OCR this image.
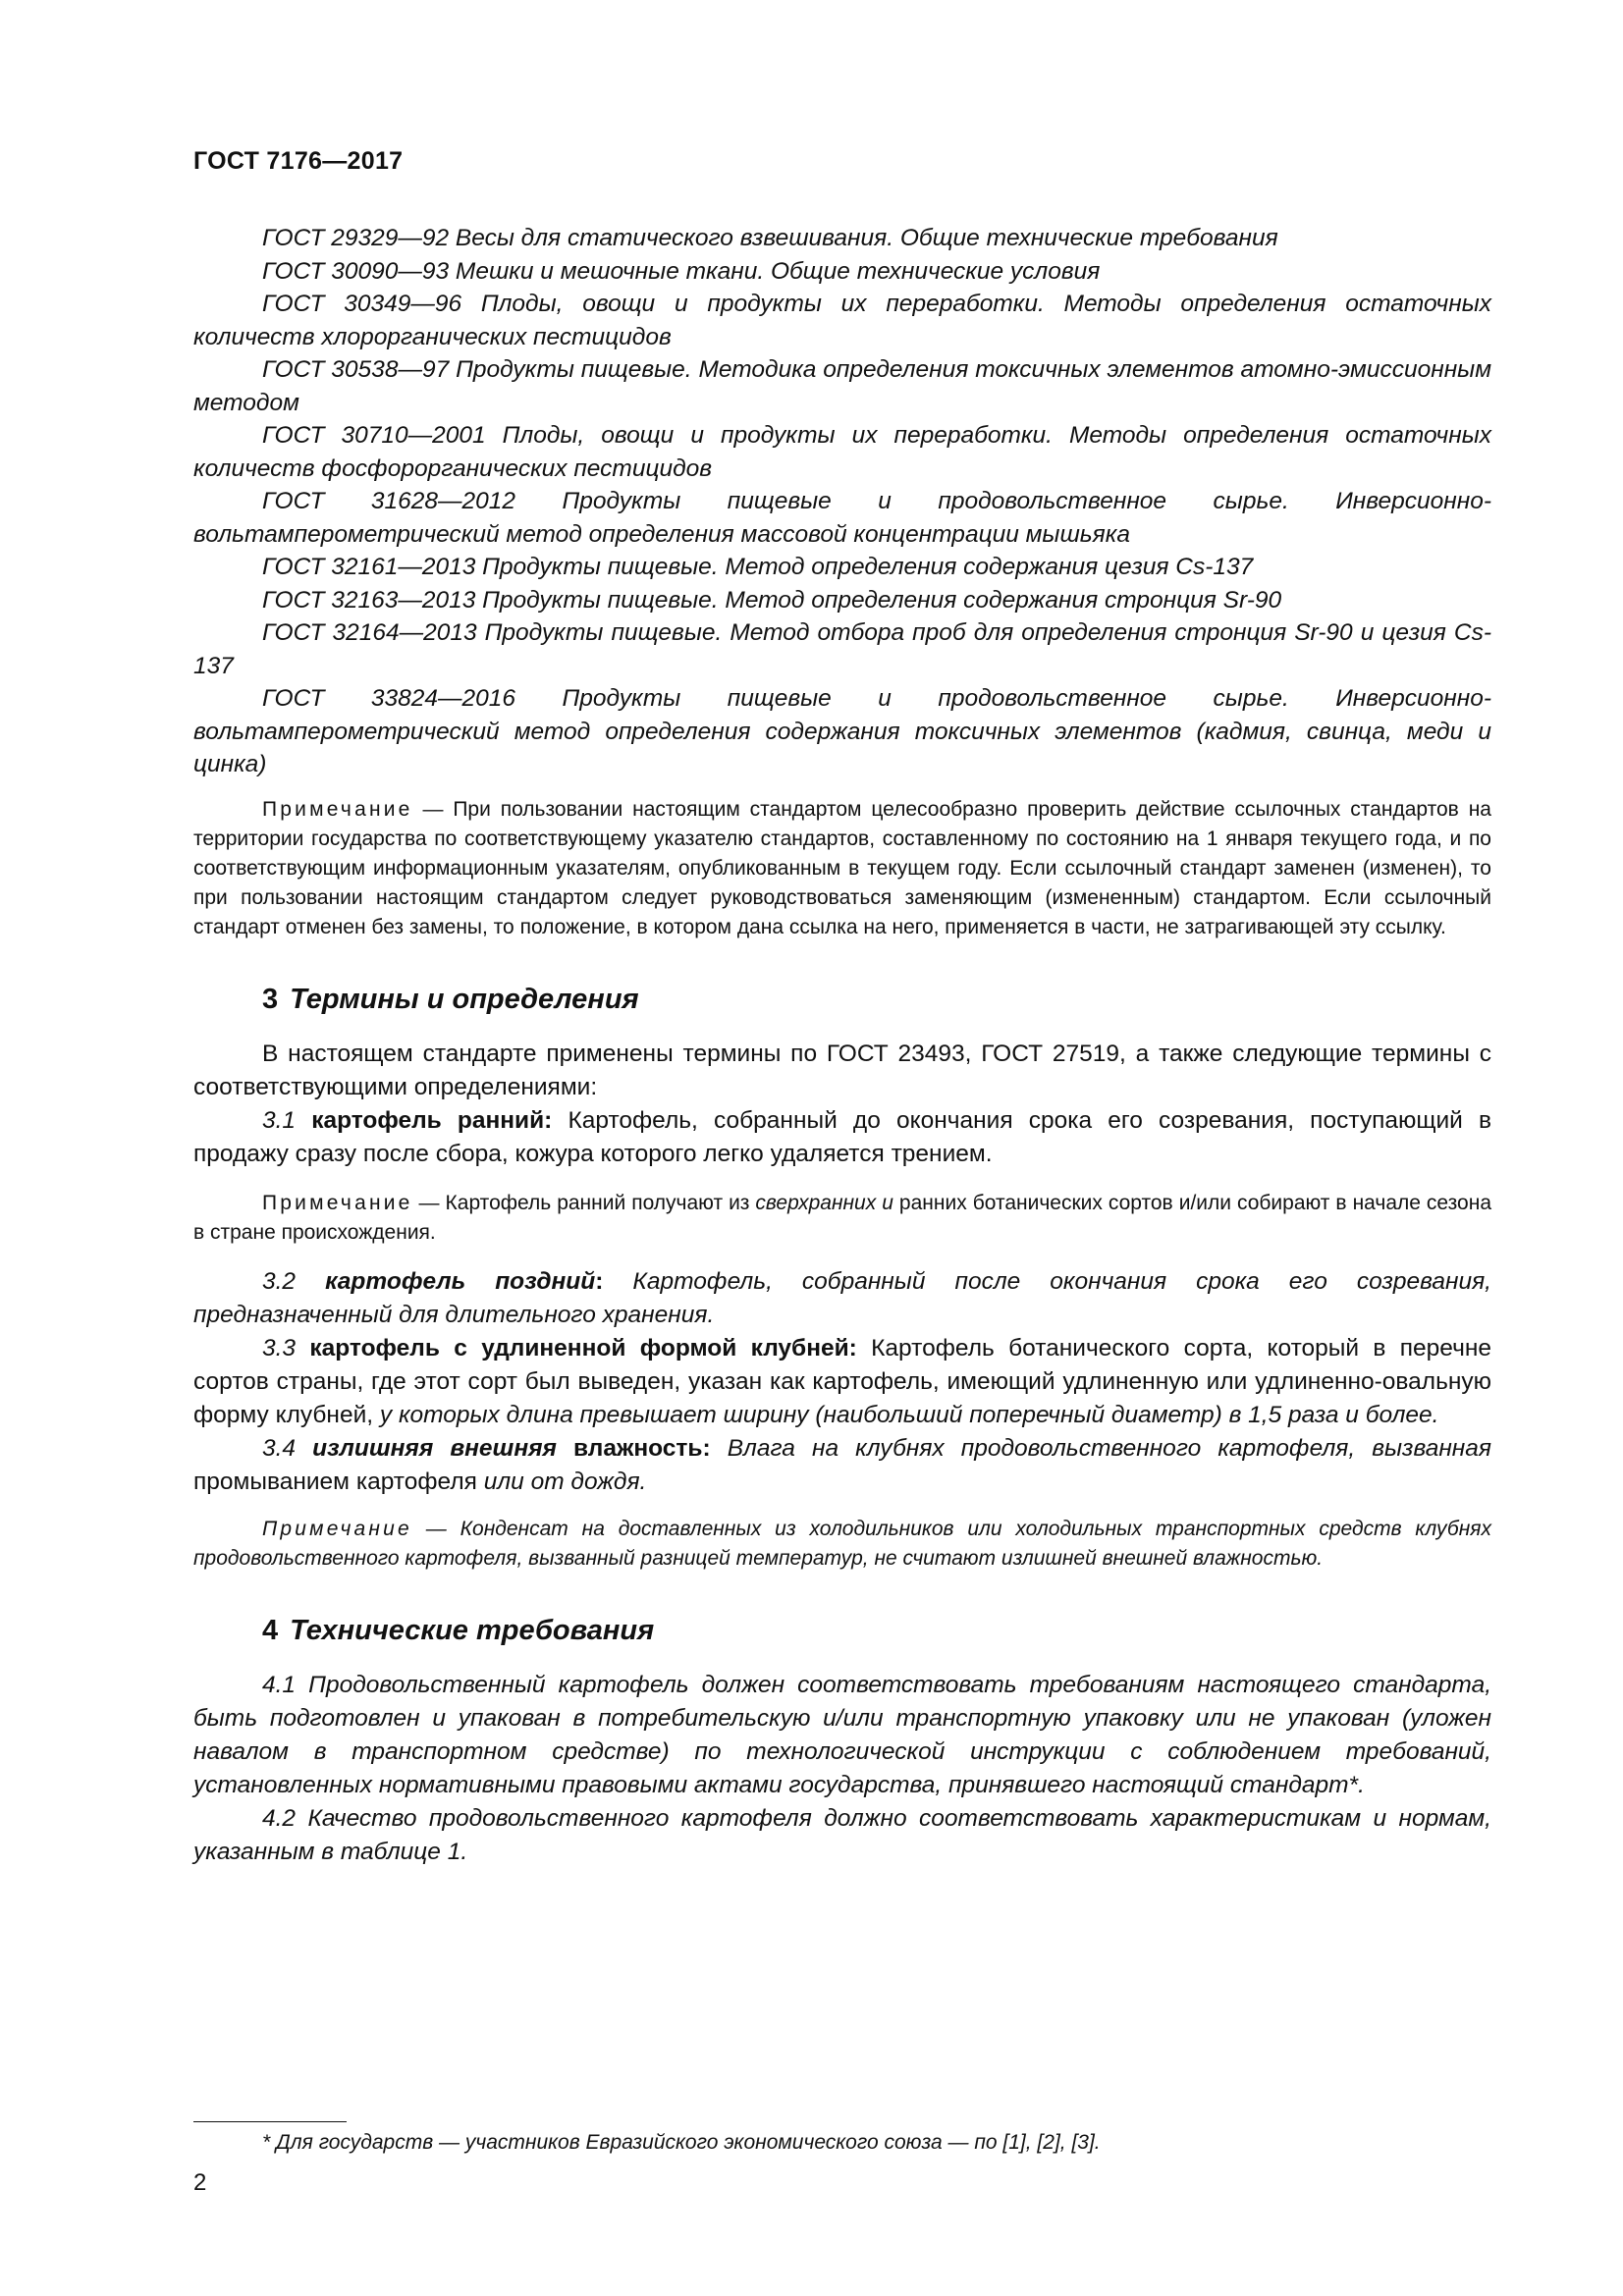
ГОСТ 7176—2017

ГОСТ 29329—92 Весы для статического взвешивания. Общие технические требования

ГОСТ 30090—93 Мешки и мешочные ткани. Общие технические условия

ГОСТ 30349—96 Плоды, овощи и продукты их переработки. Методы определения остаточных количеств хлорорганических пестицидов

ГОСТ 30538—97 Продукты пищевые. Методика определения токсичных элементов атомно-эмиссионным методом

ГОСТ 30710—2001 Плоды, овощи и продукты их переработки. Методы определения остаточных количеств фосфорорганических пестицидов

ГОСТ 31628—2012 Продукты пищевые и продовольственное сырье. Инверсионно-вольтамперометрический метод определения массовой концентрации мышьяка

ГОСТ 32161—2013 Продукты пищевые. Метод определения содержания цезия Cs-137

ГОСТ 32163—2013 Продукты пищевые. Метод определения содержания стронция Sr-90

ГОСТ 32164—2013 Продукты пищевые. Метод отбора проб для определения стронция Sr-90 и цезия Cs-137

ГОСТ 33824—2016 Продукты пищевые и продовольственное сырье. Инверсионно-вольтамперометрический метод определения содержания токсичных элементов (кадмия, свинца, меди и цинка)

Примечание — При пользовании настоящим стандартом целесообразно проверить действие ссылочных стандартов на территории государства по соответствующему указателю стандартов, составленному по состоянию на 1 января текущего года, и по соответствующим информационным указателям, опубликованным в текущем году. Если ссылочный стандарт заменен (изменен), то при пользовании настоящим стандартом следует руководствоваться заменяющим (измененным) стандартом. Если ссылочный стандарт отменен без замены, то положение, в котором дана ссылка на него, применяется в части, не затрагивающей эту ссылку.

3 Термины и определения

В настоящем стандарте применены термины по ГОСТ 23493, ГОСТ 27519, а также следующие термины с соответствующими определениями:

3.1 картофель ранний: Картофель, собранный до окончания срока его созревания, поступающий в продажу сразу после сбора, кожура которого легко удаляется трением.

Примечание — Картофель ранний получают из сверхранних и ранних ботанических сортов и/или собирают в начале сезона в стране происхождения.

3.2 картофель поздний: Картофель, собранный после окончания срока его созревания, предназначенный для длительного хранения.

3.3 картофель с удлиненной формой клубней: Картофель ботанического сорта, который в перечне сортов страны, где этот сорт был выведен, указан как картофель, имеющий удлиненную или удлиненно-овальную форму клубней, у которых длина превышает ширину (наибольший поперечный диаметр) в 1,5 раза и более.

3.4 излишняя внешняя влажность: Влага на клубнях продовольственного картофеля, вызванная промыванием картофеля или от дождя.

Примечание — Конденсат на доставленных из холодильников или холодильных транспортных средств клубнях продовольственного картофеля, вызванный разницей температур, не считают излишней внешней влажностью.

4 Технические требования

4.1 Продовольственный картофель должен соответствовать требованиям настоящего стандарта, быть подготовлен и упакован в потребительскую и/или транспортную упаковку или не упакован (уложен навалом в транспортном средстве) по технологической инструкции с соблюдением требований, установленных нормативными правовыми актами государства, принявшего настоящий стандарт*.

4.2 Качество продовольственного картофеля должно соответствовать характеристикам и нормам, указанным в таблице 1.

* Для государств — участников Евразийского экономического союза — по [1], [2], [3].
2
